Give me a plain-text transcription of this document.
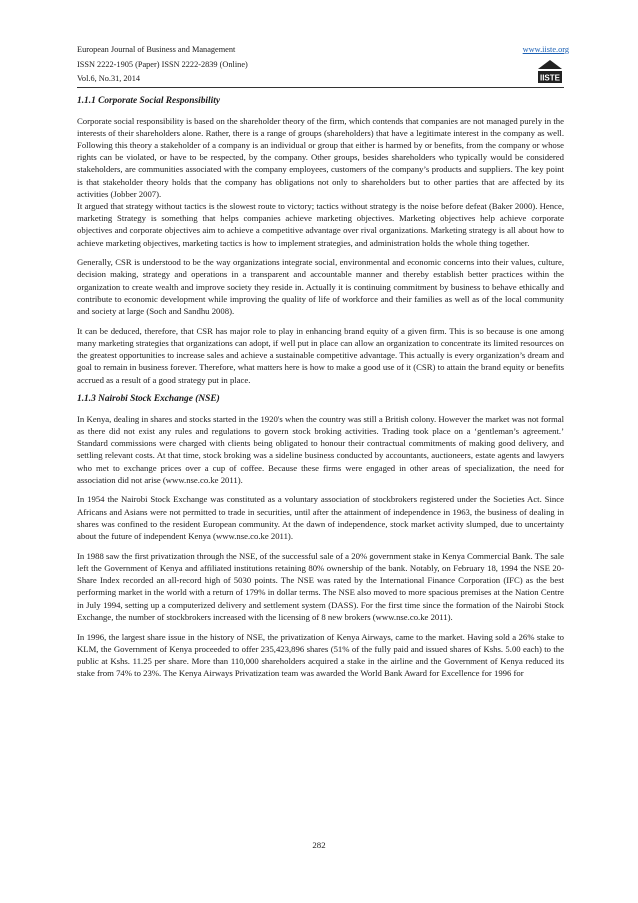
European Journal of Business and Management
ISSN 2222-1905 (Paper) ISSN 2222-2839 (Online)
Vol.6, No.31, 2014
www.iiste.org
IISTE
1.1.1 Corporate Social Responsibility

Corporate social responsibility is based on the shareholder theory of the firm, which contends that companies are not managed purely in the interests of their shareholders alone. Rather, there is a range of groups (shareholders) that have a legitimate interest in the company as well. Following this theory a stakeholder of a company is an individual or group that either is harmed by or benefits, from the company or whose rights can be violated, or have to be respected, by the company. Other groups, besides shareholders who typically would be considered stakeholders, are communities associated with the company employees, customers of the company’s products and suppliers. The key point is that stakeholder theory holds that the company has obligations not only to shareholders but to other parties that are affected by its activities (Jobber 2007).

It argued that strategy without tactics is the slowest route to victory; tactics without strategy is the noise before defeat (Baker 2000). Hence, marketing Strategy is something that helps companies achieve marketing objectives. Marketing objectives help achieve corporate objectives and corporate objectives aim to achieve a competitive advantage over rival organizations. Marketing strategy is all about how to achieve marketing objectives, marketing tactics is how to implement strategies, and administration holds the whole thing together.

Generally, CSR is understood to be the way organizations integrate social, environmental and economic concerns into their values, culture, decision making, strategy and operations in a transparent and accountable manner and thereby establish better practices within the organization to create wealth and improve society they reside in. Actually it is continuing commitment by business to behave ethically and contribute to economic development while improving the quality of life of workforce and their families as well as of the local community and society at large (Soch and Sandhu 2008).

It can be deduced, therefore, that CSR has major role to play in enhancing brand equity of a given firm. This is so because is one among many marketing strategies that organizations can adopt, if well put in place can allow an organization to concentrate its limited resources on the greatest opportunities to increase sales and achieve a sustainable competitive advantage. This actually is every organization’s dream and goal to remain in business forever. Therefore, what matters here is how to make a good use of it (CSR) to attain the brand equity or benefits accrued as a result of a good strategy put in place.

1.1.3 Nairobi Stock Exchange (NSE)

In Kenya, dealing in shares and stocks started in the 1920's when the country was still a British colony. However the market was not formal as there did not exist any rules and regulations to govern stock broking activities. Trading took place on a ‘gentleman’s agreement.’ Standard commissions were charged with clients being obligated to honour their contractual commitments of making good delivery, and settling relevant costs. At that time, stock broking was a sideline business conducted by accountants, auctioneers, estate agents and lawyers who met to exchange prices over a cup of coffee. Because these firms were engaged in other areas of specialization, the need for association did not arise (www.nse.co.ke 2011).

In 1954 the Nairobi Stock Exchange was constituted as a voluntary association of stockbrokers registered under the Societies Act. Since Africans and Asians were not permitted to trade in securities, until after the attainment of independence in 1963, the business of dealing in shares was confined to the resident European community. At the dawn of independence, stock market activity slumped, due to uncertainty about the future of independent Kenya (www.nse.co.ke 2011).

In 1988 saw the first privatization through the NSE, of the successful sale of a 20% government stake in Kenya Commercial Bank. The sale left the Government of Kenya and affiliated institutions retaining 80% ownership of the bank. Notably, on February 18, 1994 the NSE 20-Share Index recorded an all-record high of 5030 points. The NSE was rated by the International Finance Corporation (IFC) as the best performing market in the world with a return of 179% in dollar terms. The NSE also moved to more spacious premises at the Nation Centre in July 1994, setting up a computerized delivery and settlement system (DASS). For the first time since the formation of the Nairobi Stock Exchange, the number of stockbrokers increased with the licensing of 8 new brokers (www.nse.co.ke 2011).

In 1996, the largest share issue in the history of NSE, the privatization of Kenya Airways, came to the market. Having sold a 26% stake to KLM, the Government of Kenya proceeded to offer 235,423,896 shares (51% of the fully paid and issued shares of Kshs. 5.00 each) to the public at Kshs. 11.25 per share. More than 110,000 shareholders acquired a stake in the airline and the Government of Kenya reduced its stake from 74% to 23%. The Kenya Airways Privatization team was awarded the World Bank Award for Excellence for 1996 for

282
